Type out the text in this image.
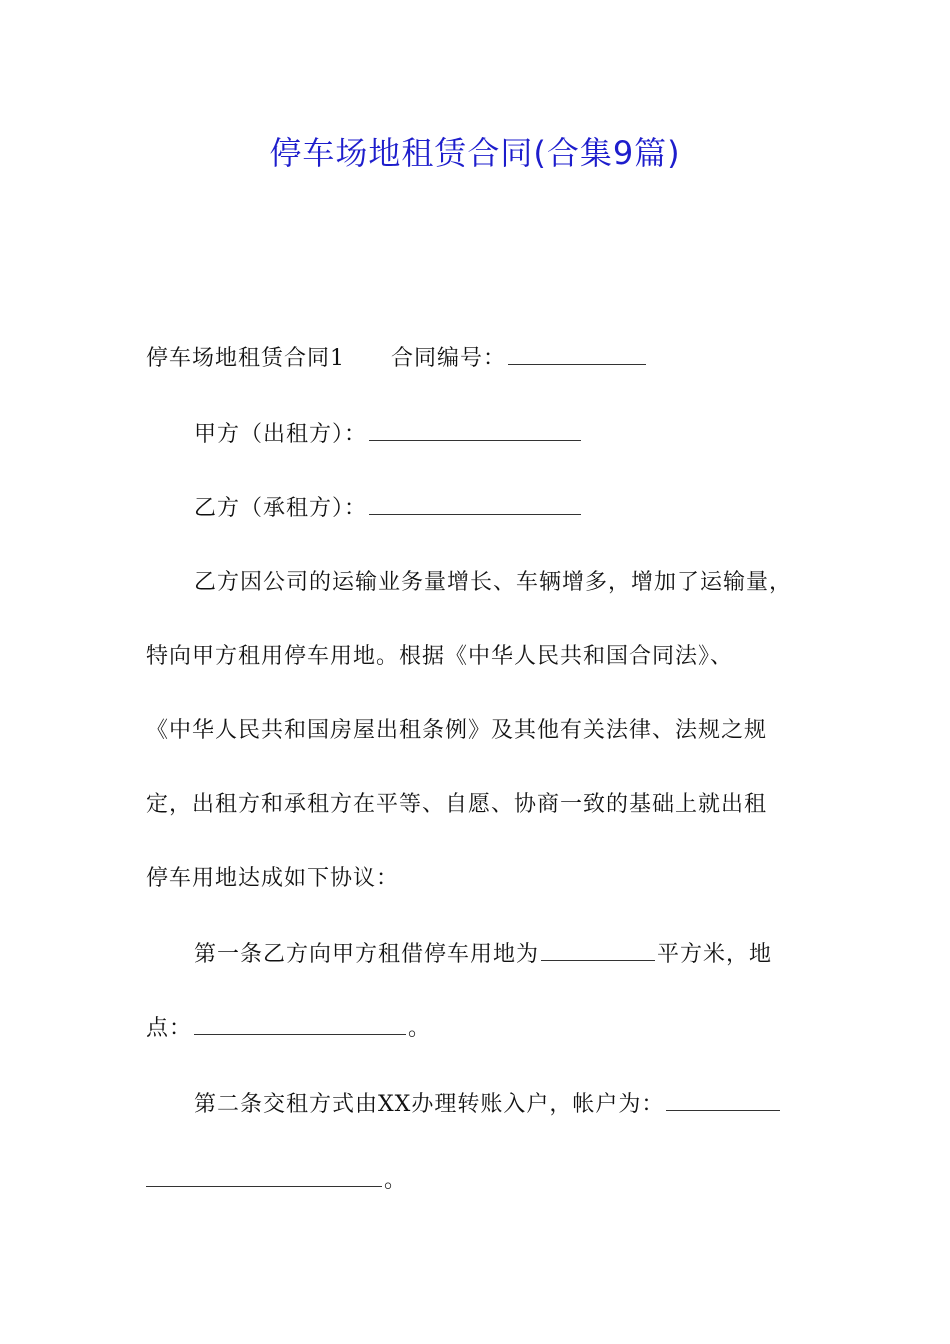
停车场地租赁合同(合集9篇)
停车场地租赁合同1 合同编号：
甲方（出租方）：
乙方（承租方）：
乙方因公司的运输业务量增长、车辆增多，增加了运输量，
特向甲方租用停车用地。根据《中华人民共和国合同法》、
《中华人民共和国房屋出租条例》及其他有关法律、法规之规
定，出租方和承租方在平等、自愿、协商一致的基础上就出租
停车用地达成如下协议：
第一条乙方向甲方租借停车用地为	平方米，地
点：	。
第二条交租方式由XX办理转账入户，帐户为：
。
